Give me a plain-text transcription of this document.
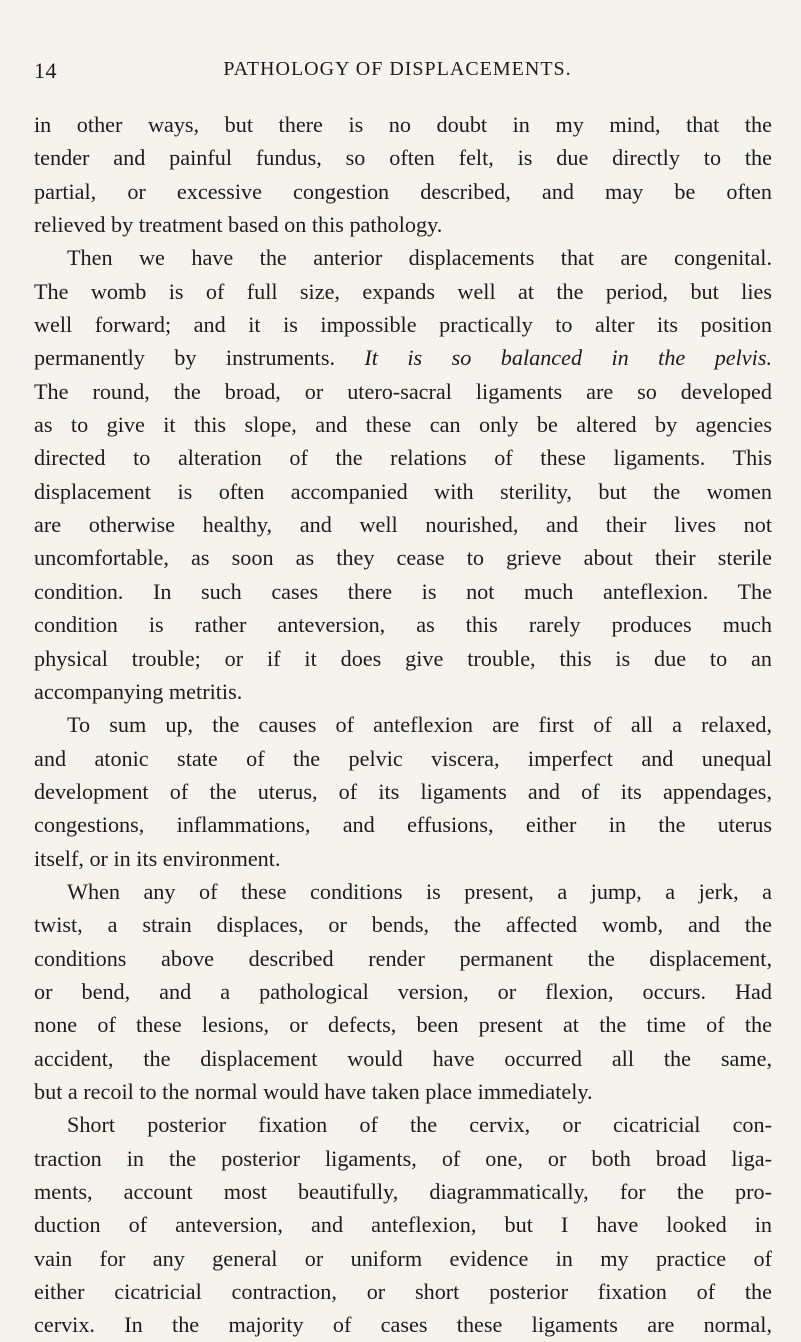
14	PATHOLOGY OF DISPLACEMENTS.
in other ways, but there is no doubt in my mind, that the
tender and painful fundus, so often felt, is due directly to the
partial, or excessive congestion described, and may be often
relieved by treatment based on this pathology.
Then we have the anterior displacements that are congenital.
The womb is of full size, expands well at the period, but lies
well forward; and it is impossible practically to alter its position
permanently by instruments. It is so balanced in the pelvis.
The round, the broad, or utero-sacral ligaments are so developed
as to give it this slope, and these can only be altered by agencies
directed to alteration of the relations of these ligaments. This
displacement is often accompanied with sterility, but the women
are otherwise healthy, and well nourished, and their lives not
uncomfortable, as soon as they cease to grieve about their sterile
condition. In such cases there is not much anteflexion. The
condition is rather anteversion, as this rarely produces much
physical trouble; or if it does give trouble, this is due to an
accompanying metritis.
To sum up, the causes of anteflexion are first of all a relaxed,
and atonic state of the pelvic viscera, imperfect and unequal
development of the uterus, of its ligaments and of its appendages,
congestions, inflammations, and effusions, either in the uterus
itself, or in its environment.
When any of these conditions is present, a jump, a jerk, a
twist, a strain displaces, or bends, the affected womb, and the
conditions above described render permanent the displacement,
or bend, and a pathological version, or flexion, occurs. Had
none of these lesions, or defects, been present at the time of the
accident, the displacement would have occurred all the same,
but a recoil to the normal would have taken place immediately.
Short posterior fixation of the cervix, or cicatricial con-
traction in the posterior ligaments, of one, or both broad liga-
ments, account most beautifully, diagrammatically, for the pro-
duction of anteversion, and anteflexion, but I have looked in
vain for any general or uniform evidence in my practice of
either cicatricial contraction, or short posterior fixation of the
cervix. In the majority of cases these ligaments are normal,
